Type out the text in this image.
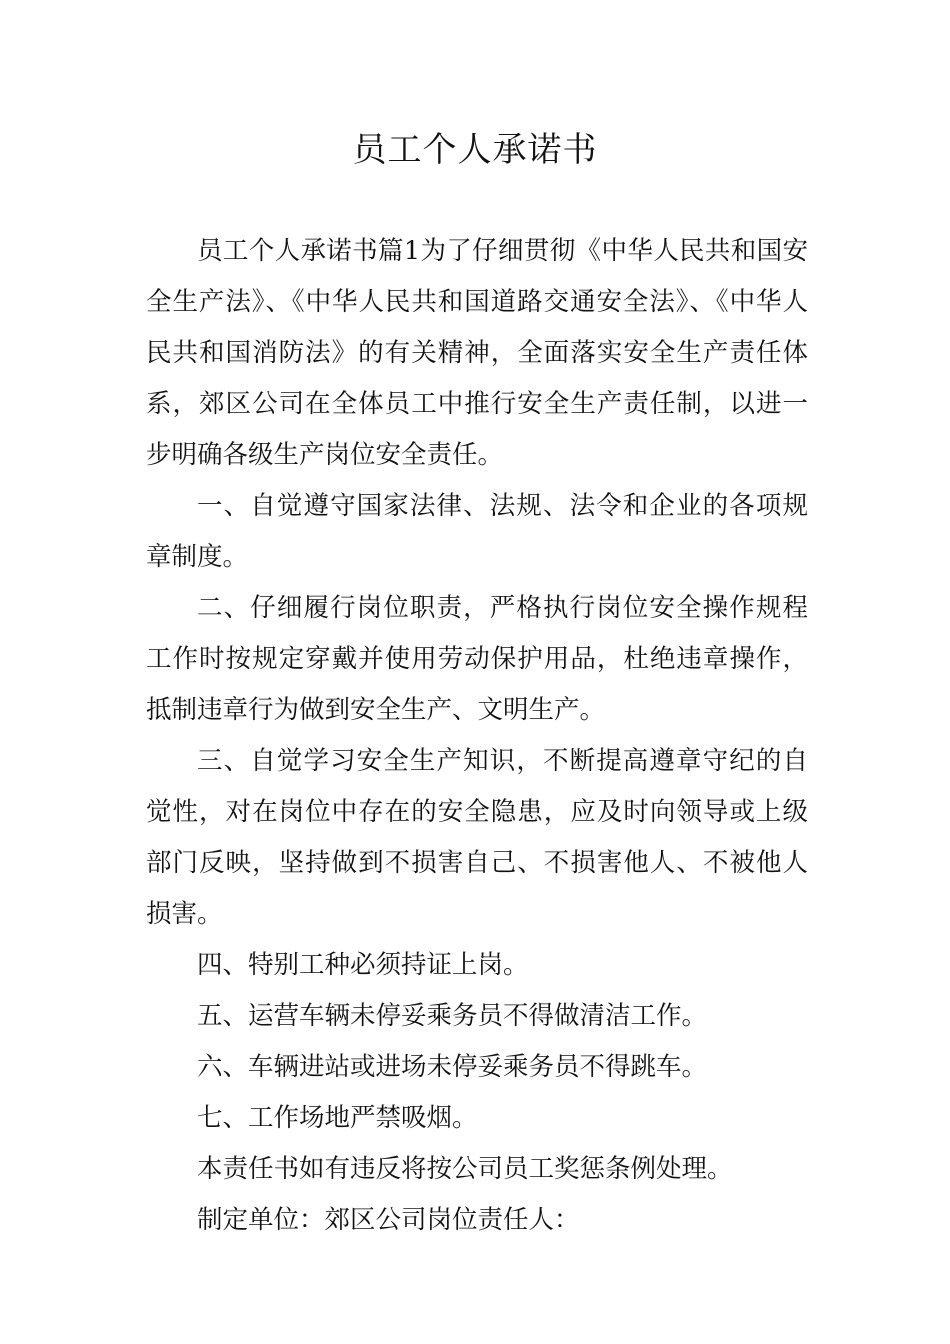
员工个人承诺书

员工个人承诺书篇1为了仔细贯彻《中华人民共和国安全生产法》、《中华人民共和国道路交通安全法》、《中华人民共和国消防法》的有关精神，全面落实安全生产责任体系，郊区公司在全体员工中推行安全生产责任制，以进一步明确各级生产岗位安全责任。

一、自觉遵守国家法律、法规、法令和企业的各项规章制度。

二、仔细履行岗位职责，严格执行岗位安全操作规程工作时按规定穿戴并使用劳动保护用品，杜绝违章操作，抵制违章行为做到安全生产、文明生产。

三、自觉学习安全生产知识，不断提高遵章守纪的自觉性，对在岗位中存在的安全隐患，应及时向领导或上级部门反映，坚持做到不损害自己、不损害他人、不被他人损害。

四、特别工种必须持证上岗。

五、运营车辆未停妥乘务员不得做清洁工作。

六、车辆进站或进场未停妥乘务员不得跳车。

七、工作场地严禁吸烟。

本责任书如有违反将按公司员工奖惩条例处理。

制定单位：郊区公司岗位责任人：
